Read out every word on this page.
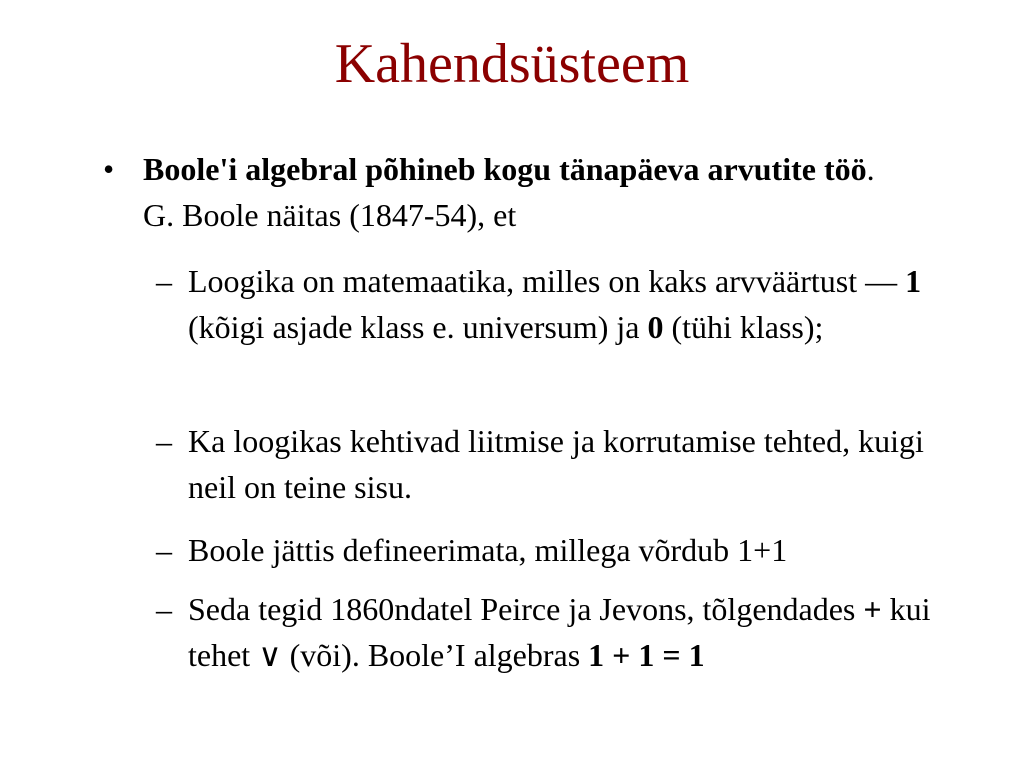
Kahendsüsteem
• Boole'i algebral põhineb kogu tänapäeva arvutite töö. G. Boole näitas (1847-54), et
– Loogika on matemaatika, milles on kaks arvväärtust — 1 (kõigi asjade klass e. universum) ja 0 (tühi klass);
– Ka loogikas kehtivad liitmise ja korrutamise tehted, kuigi neil on teine sisu.
– Boole jättis defineerimata, millega võrdub 1+1
– Seda tegid 1860ndatel Peirce ja Jevons, tõlgendades + kui tehet ∨ (või). Boole’I algebras 1 + 1 = 1
